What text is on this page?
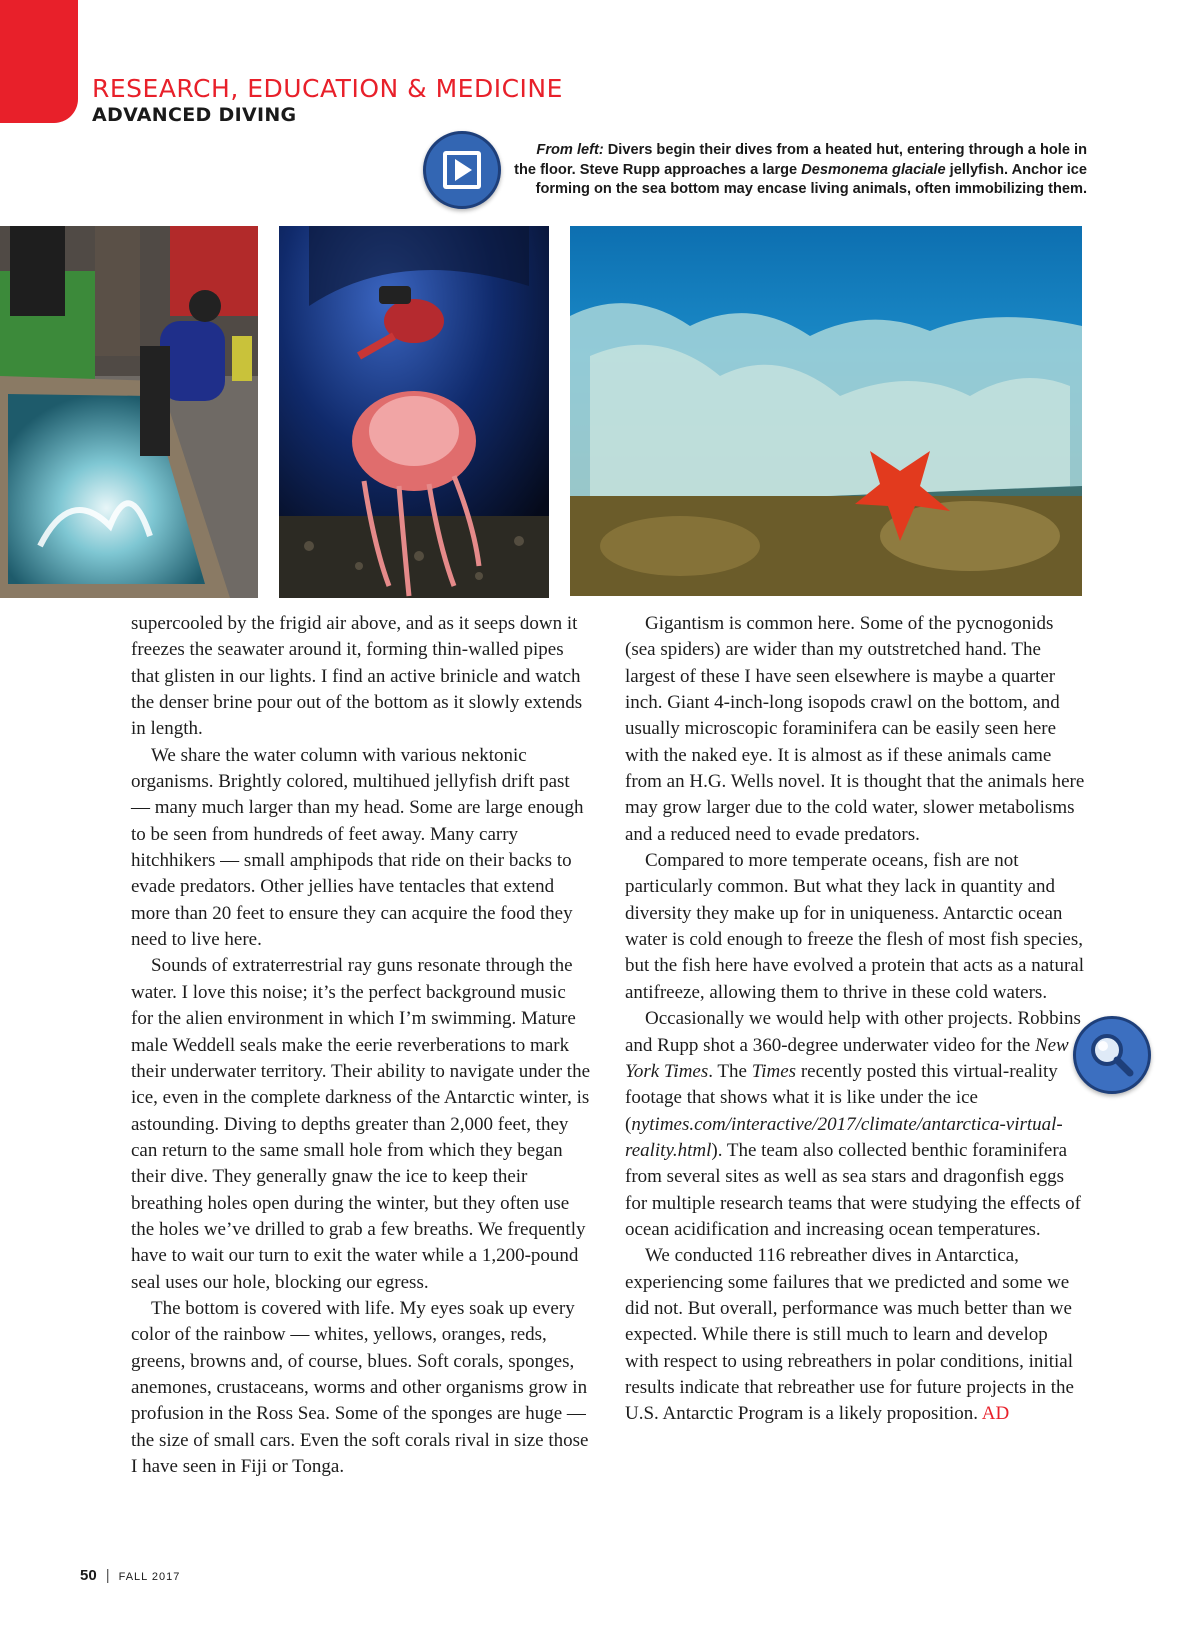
RESEARCH, EDUCATION & MEDICINE
ADVANCED DIVING
From left: Divers begin their dives from a heated hut, entering through a hole in the floor. Steve Rupp approaches a large Desmonema glaciale jellyfish. Anchor ice forming on the sea bottom may encase living animals, often immobilizing them.

supercooled by the frigid air above, and as it seeps down it freezes the seawater around it, forming thin-walled pipes that glisten in our lights. I find an active brinicle and watch the denser brine pour out of the bottom as it slowly extends in length.

We share the water column with various nektonic organisms. Brightly colored, multihued jellyfish drift past — many much larger than my head. Some are large enough to be seen from hundreds of feet away. Many carry hitchhikers — small amphipods that ride on their backs to evade predators. Other jellies have tentacles that extend more than 20 feet to ensure they can acquire the food they need to live here.

Sounds of extraterrestrial ray guns resonate through the water. I love this noise; it’s the perfect background music for the alien environment in which I’m swimming. Mature male Weddell seals make the eerie reverberations to mark their underwater territory. Their ability to navigate under the ice, even in the complete darkness of the Antarctic winter, is astounding. Diving to depths greater than 2,000 feet, they can return to the same small hole from which they began their dive. They generally gnaw the ice to keep their breathing holes open during the winter, but they often use the holes we’ve drilled to grab a few breaths. We frequently have to wait our turn to exit the water while a 1,200-pound seal uses our hole, blocking our egress.

The bottom is covered with life. My eyes soak up every color of the rainbow — whites, yellows, oranges, reds, greens, browns and, of course, blues. Soft corals, sponges, anemones, crustaceans, worms and other organisms grow in profusion in the Ross Sea. Some of the sponges are huge — the size of small cars. Even the soft corals rival in size those I have seen in Fiji or Tonga.

Gigantism is common here. Some of the pycnogonids (sea spiders) are wider than my outstretched hand. The largest of these I have seen elsewhere is maybe a quarter inch. Giant 4-inch-long isopods crawl on the bottom, and usually microscopic foraminifera can be easily seen here with the naked eye. It is almost as if these animals came from an H.G. Wells novel. It is thought that the animals here may grow larger due to the cold water, slower metabolisms and a reduced need to evade predators.

Compared to more temperate oceans, fish are not particularly common. But what they lack in quantity and diversity they make up for in uniqueness. Antarctic ocean water is cold enough to freeze the flesh of most fish species, but the fish here have evolved a protein that acts as a natural antifreeze, allowing them to thrive in these cold waters.

Occasionally we would help with other projects. Robbins and Rupp shot a 360-degree underwater video for the New York Times. The Times recently posted this virtual-reality footage that shows what it is like under the ice (nytimes.com/interactive/2017/climate/antarctica-virtual-reality.html). The team also collected benthic foraminifera from several sites as well as sea stars and dragonfish eggs for multiple research teams that were studying the effects of ocean acidification and increasing ocean temperatures.

We conducted 116 rebreather dives in Antarctica, experiencing some failures that we predicted and some we did not. But overall, performance was much better than we expected. While there is still much to learn and develop with respect to using rebreathers in polar conditions, initial results indicate that rebreather use for future projects in the U.S. Antarctic Program is a likely proposition. AD

50 | FALL 2017
